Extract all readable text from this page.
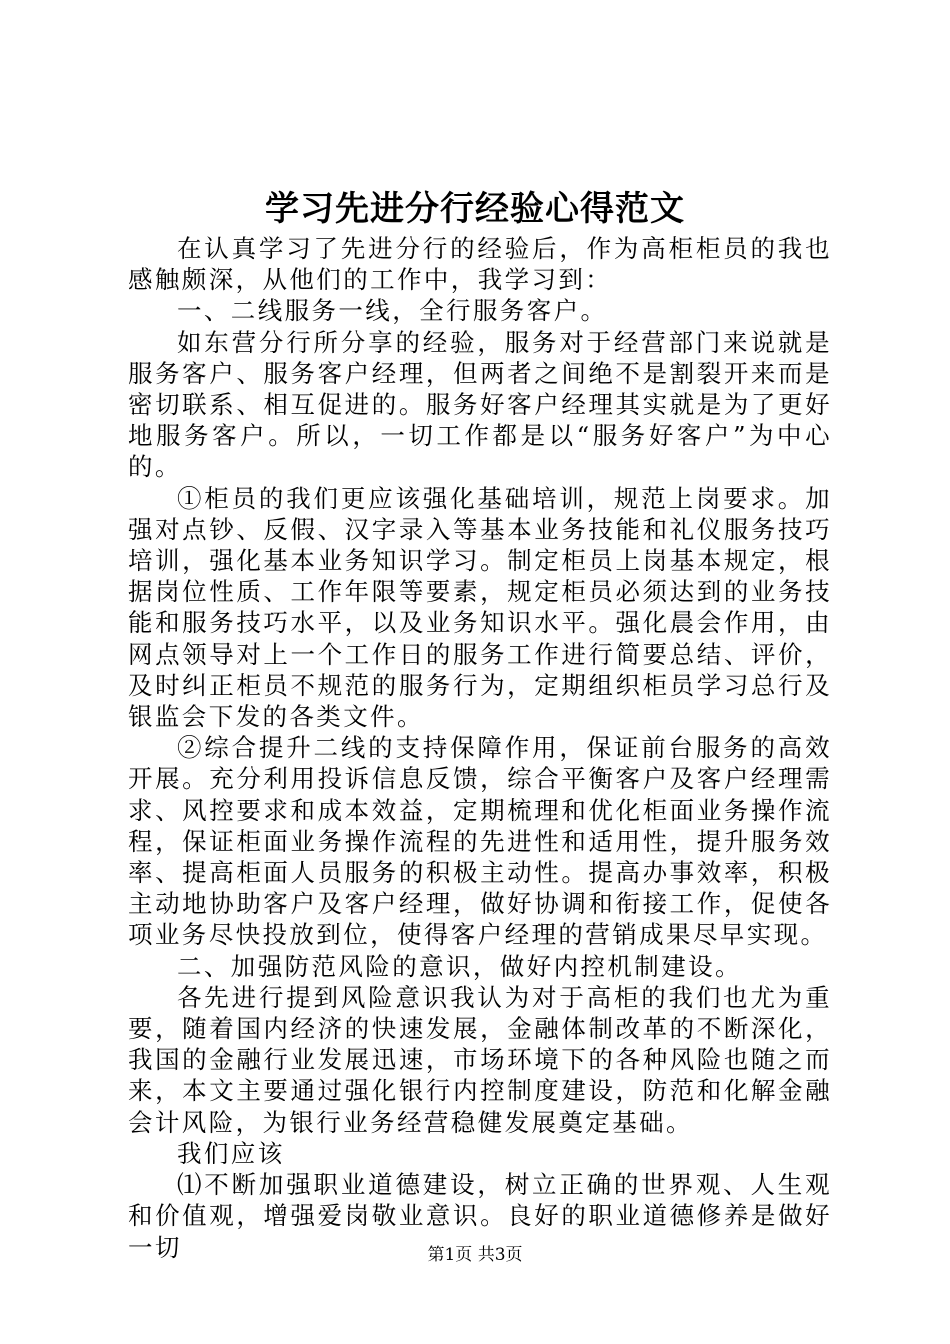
学习先进分行经验心得范文

在认真学习了先进分行的经验后，作为高柜柜员的我也感触颇深，从他们的工作中，我学习到：

一、二线服务一线，全行服务客户。

如东营分行所分享的经验，服务对于经营部门来说就是服务客户、服务客户经理，但两者之间绝不是割裂开来而是密切联系、相互促进的。服务好客户经理其实就是为了更好地服务客户。所以，一切工作都是以“服务好客户”为中心的。

①柜员的我们更应该强化基础培训，规范上岗要求。加强对点钞、反假、汉字录入等基本业务技能和礼仪服务技巧培训，强化基本业务知识学习。制定柜员上岗基本规定，根据岗位性质、工作年限等要素，规定柜员必须达到的业务技能和服务技巧水平，以及业务知识水平。强化晨会作用，由网点领导对上一个工作日的服务工作进行简要总结、评价，及时纠正柜员不规范的服务行为，定期组织柜员学习总行及银监会下发的各类文件。

②综合提升二线的支持保障作用，保证前台服务的高效开展。充分利用投诉信息反馈，综合平衡客户及客户经理需求、风控要求和成本效益，定期梳理和优化柜面业务操作流程，保证柜面业务操作流程的先进性和适用性，提升服务效率、提高柜面人员服务的积极主动性。提高办事效率，积极主动地协助客户及客户经理，做好协调和衔接工作，促使各项业务尽快投放到位，使得客户经理的营销成果尽早实现。

二、加强防范风险的意识，做好内控机制建设。

各先进行提到风险意识我认为对于高柜的我们也尤为重要，随着国内经济的快速发展，金融体制改革的不断深化，我国的金融行业发展迅速，市场环境下的各种风险也随之而来，本文主要通过强化银行内控制度建设，防范和化解金融会计风险，为银行业务经营稳健发展奠定基础。

我们应该

⑴不断加强职业道德建设，树立正确的世界观、人生观和价值观，增强爱岗敬业意识。良好的职业道德修养是做好一切	第1页 共3页
